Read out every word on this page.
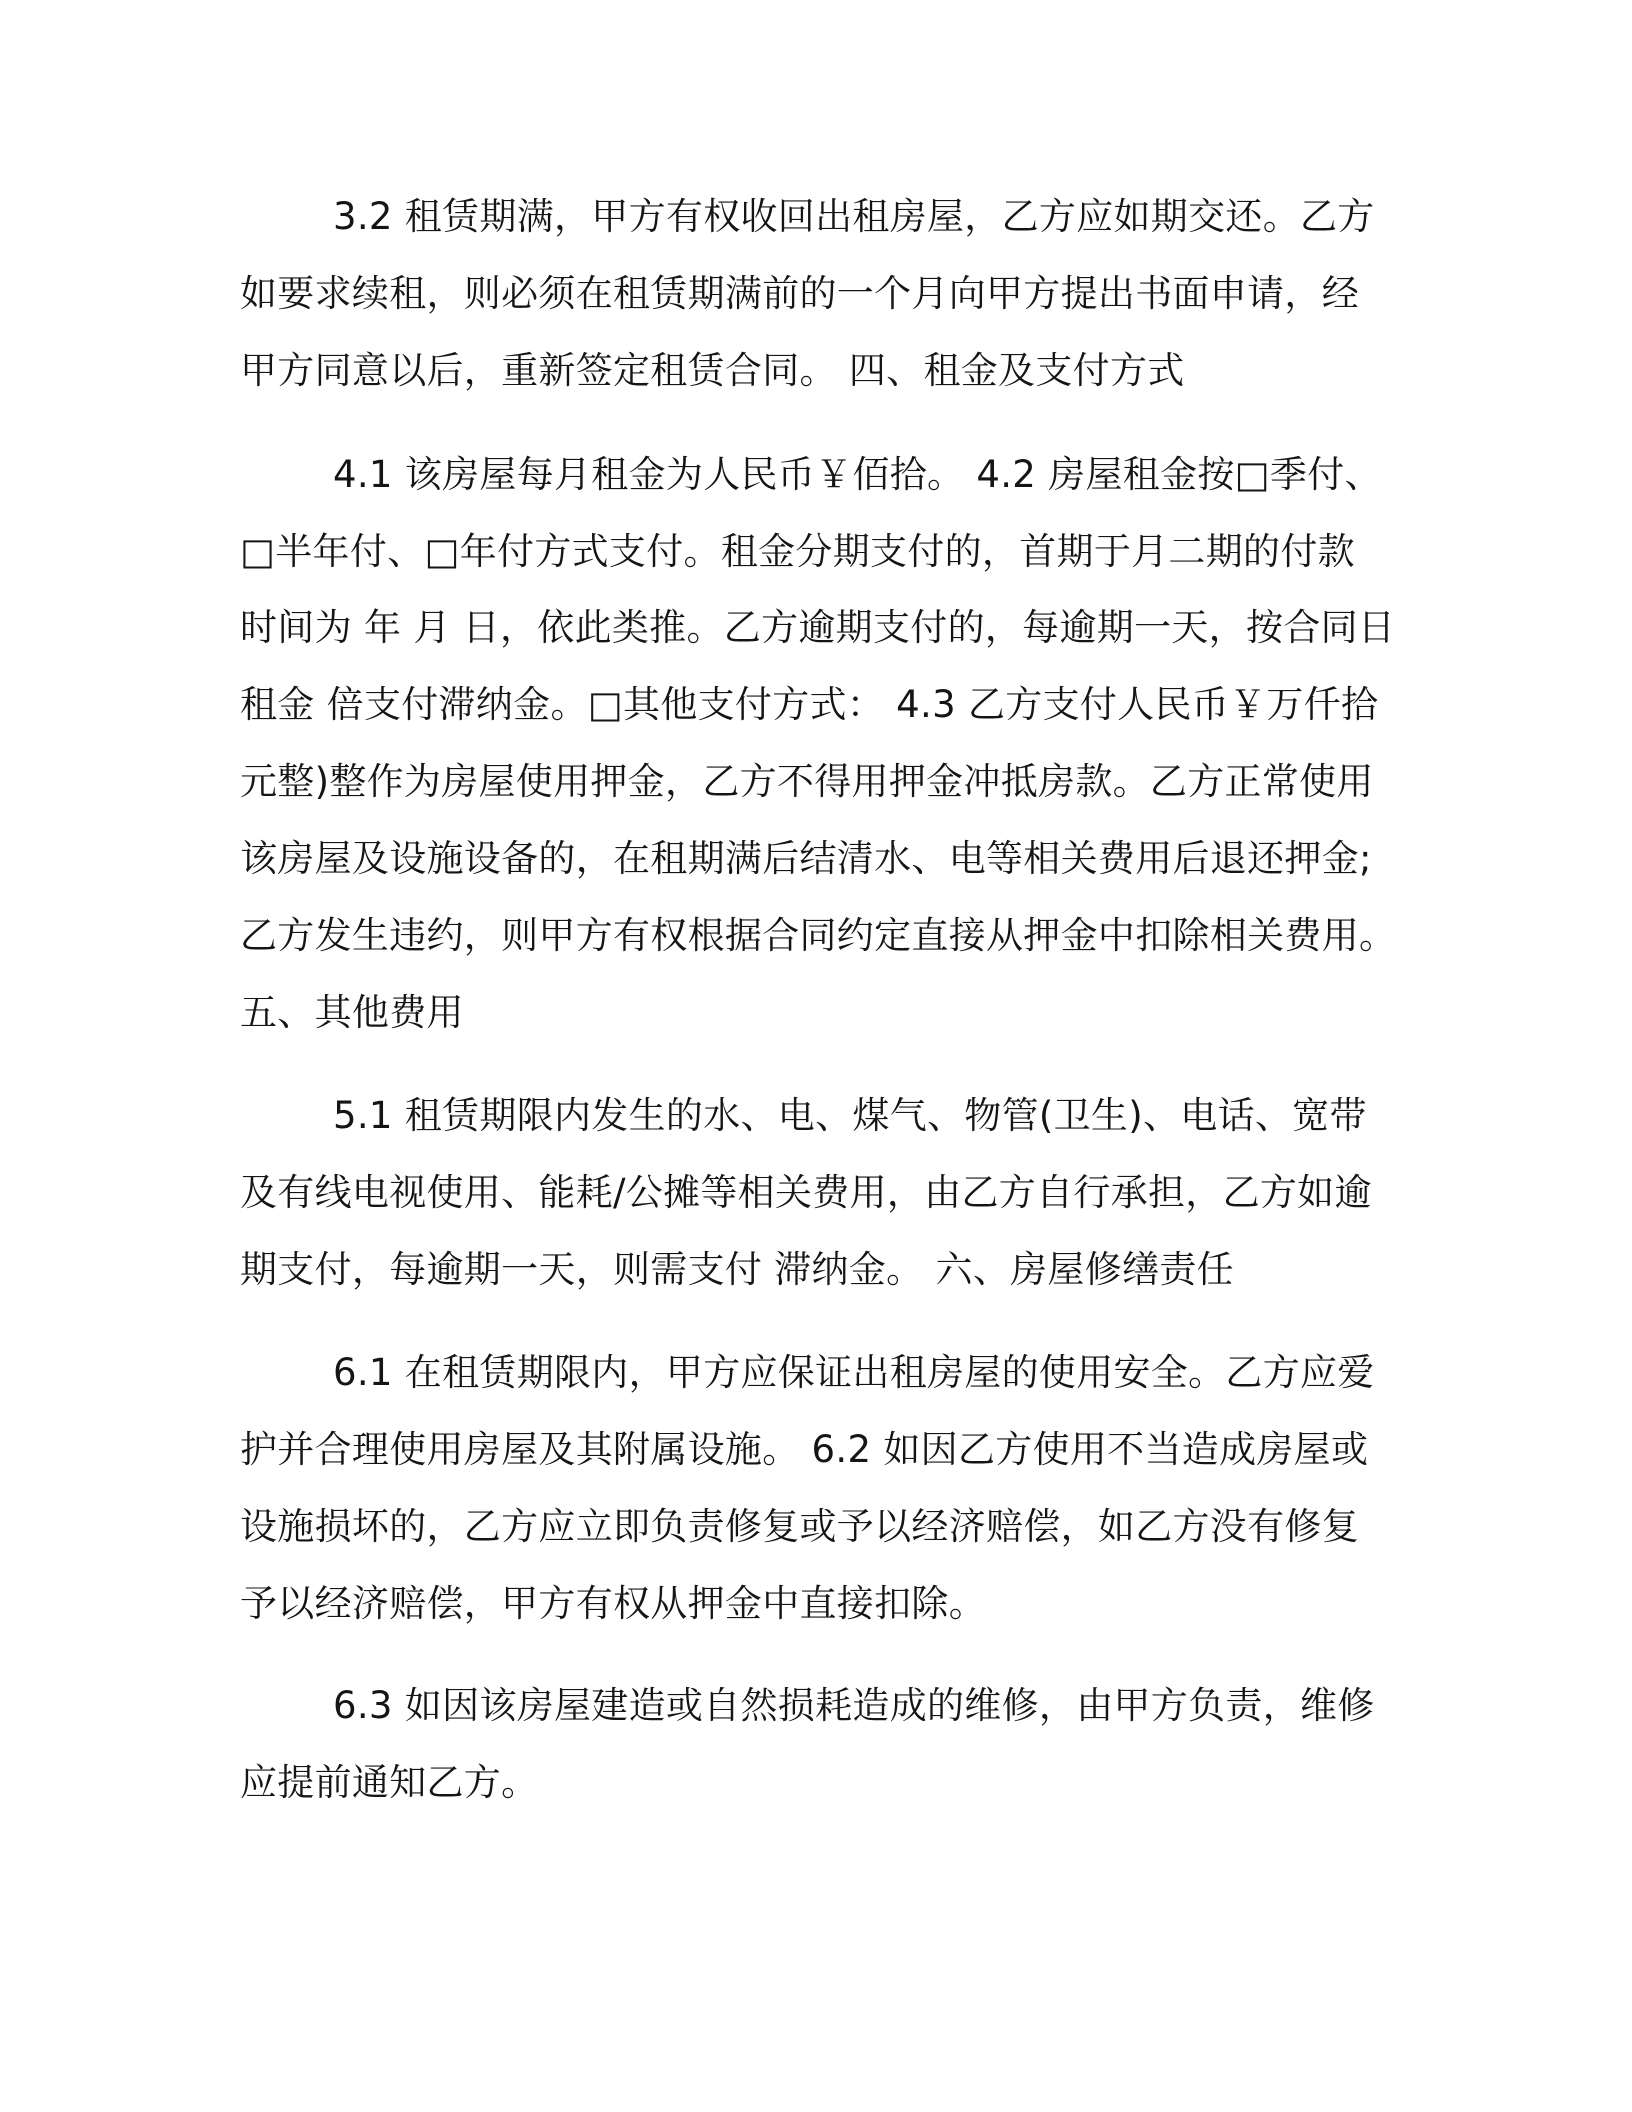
3.2 租赁期满，甲方有权收回出租房屋，乙方应如期交还。乙方
如要求续租，则必须在租赁期满前的一个月向甲方提出书面申请，经
甲方同意以后，重新签定租赁合同。 四、租金及支付方式
4.1 该房屋每月租金为人民币￥佰拾。 4.2 房屋租金按□季付、
□半年付、□年付方式支付。租金分期支付的，首期于月二期的付款
时间为 年 月 日，依此类推。乙方逾期支付的，每逾期一天，按合同日
租金 倍支付滞纳金。□其他支付方式： 4.3 乙方支付人民币￥万仟拾
元整)整作为房屋使用押金，乙方不得用押金冲抵房款。乙方正常使用
该房屋及设施设备的，在租期满后结清水、电等相关费用后退还押金;
乙方发生违约，则甲方有权根据合同约定直接从押金中扣除相关费用。
五、其他费用
5.1 租赁期限内发生的水、电、煤气、物管(卫生)、电话、宽带
及有线电视使用、能耗/公摊等相关费用，由乙方自行承担，乙方如逾
期支付，每逾期一天，则需支付 滞纳金。 六、房屋修缮责任
6.1 在租赁期限内，甲方应保证出租房屋的使用安全。乙方应爱
护并合理使用房屋及其附属设施。 6.2 如因乙方使用不当造成房屋或
设施损坏的，乙方应立即负责修复或予以经济赔偿，如乙方没有修复
予以经济赔偿，甲方有权从押金中直接扣除。
6.3 如因该房屋建造或自然损耗造成的维修，由甲方负责，维修
应提前通知乙方。
